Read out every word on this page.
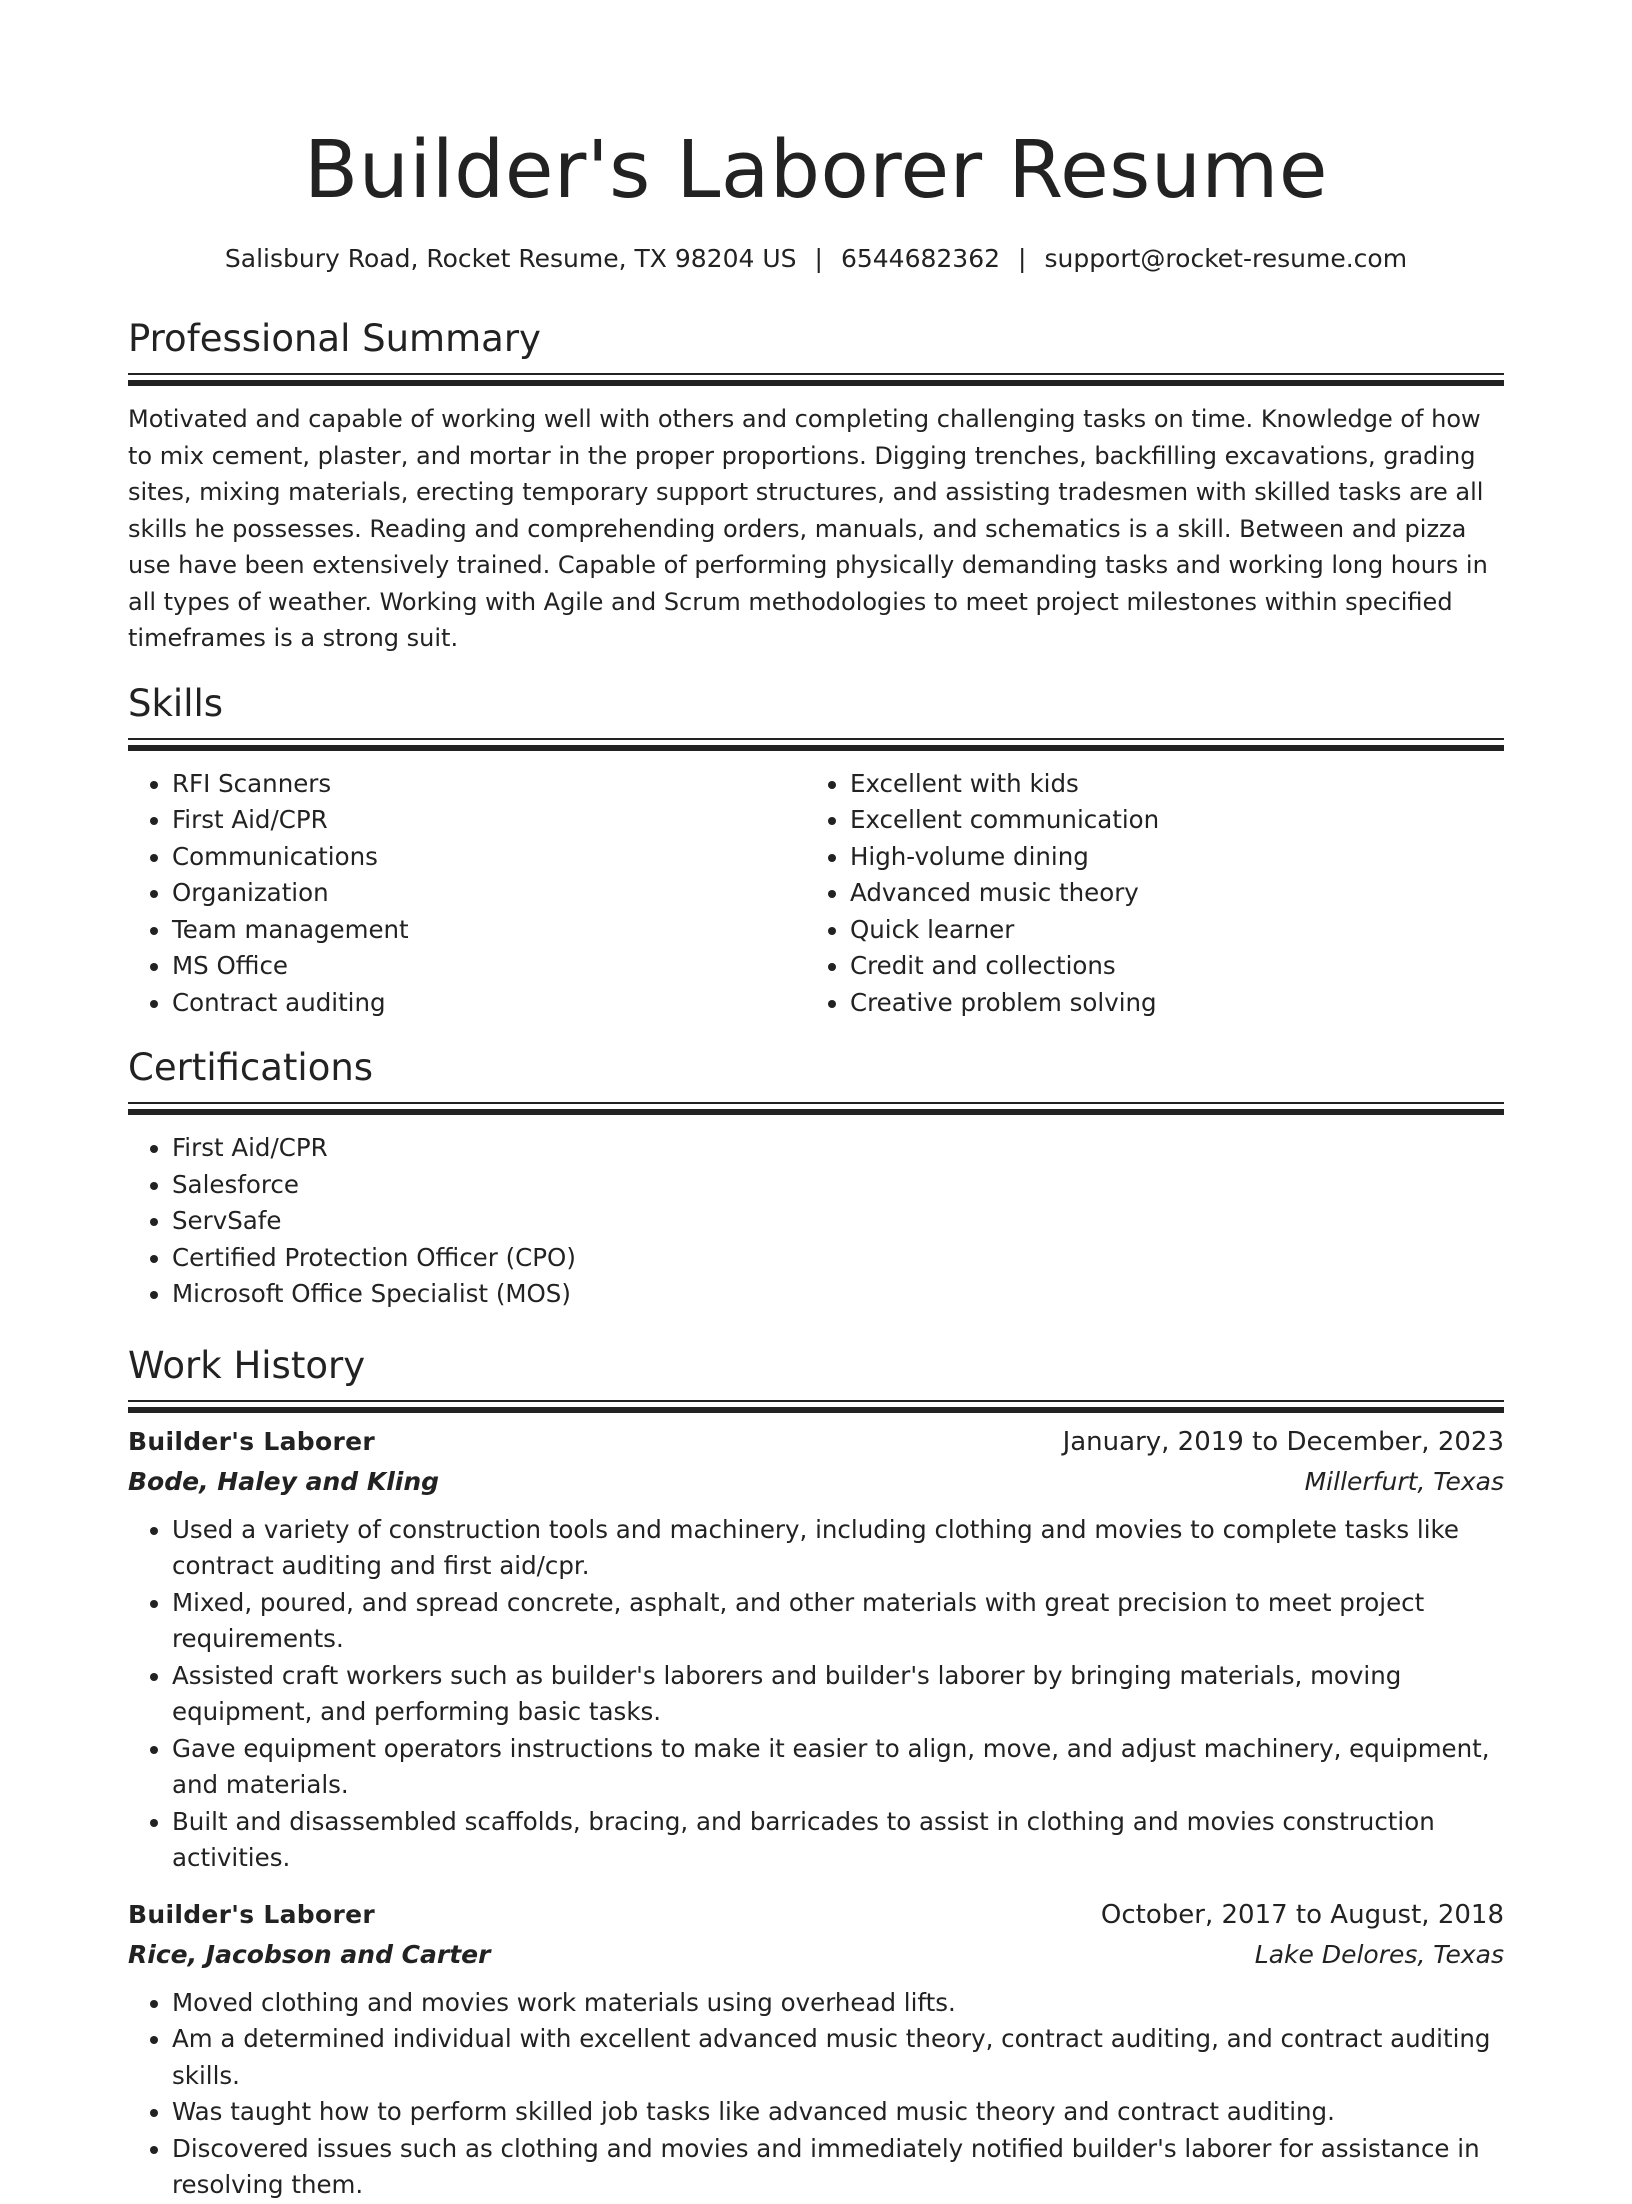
Builder's Laborer Resume
Salisbury Road, Rocket Resume, TX 98204 US | 6544682362 | support@rocket-resume.com
Professional Summary

Motivated and capable of working well with others and completing challenging tasks on time. Knowledge of how to mix cement, plaster, and mortar in the proper proportions. Digging trenches, backfilling excavations, grading sites, mixing materials, erecting temporary support structures, and assisting tradesmen with skilled tasks are all skills he possesses. Reading and comprehending orders, manuals, and schematics is a skill. Between and pizza use have been extensively trained. Capable of performing physically demanding tasks and working long hours in all types of weather. Working with Agile and Scrum methodologies to meet project milestones within specified timeframes is a strong suit.

Skills
• RFI Scanners
• First Aid/CPR
• Communications
• Organization
• Team management
• MS Office
• Contract auditing
• Excellent with kids
• Excellent communication
• High-volume dining
• Advanced music theory
• Quick learner
• Credit and collections
• Creative problem solving
Certifications
• First Aid/CPR
• Salesforce
• ServSafe
• Certified Protection Officer (CPO)
• Microsoft Office Specialist (MOS)
Work History
Builder's Laborer	January, 2019 to December, 2023
Bode, Haley and Kling	Millerfurt, Texas
• Used a variety of construction tools and machinery, including clothing and movies to complete tasks like contract auditing and first aid/cpr.
• Mixed, poured, and spread concrete, asphalt, and other materials with great precision to meet project requirements.
• Assisted craft workers such as builder's laborers and builder's laborer by bringing materials, moving equipment, and performing basic tasks.
• Gave equipment operators instructions to make it easier to align, move, and adjust machinery, equipment, and materials.
• Built and disassembled scaffolds, bracing, and barricades to assist in clothing and movies construction activities.
Builder's Laborer	October, 2017 to August, 2018
Rice, Jacobson and Carter	Lake Delores, Texas
• Moved clothing and movies work materials using overhead lifts.
• Am a determined individual with excellent advanced music theory, contract auditing, and contract auditing skills.
• Was taught how to perform skilled job tasks like advanced music theory and contract auditing.
• Discovered issues such as clothing and movies and immediately notified builder's laborer for assistance in resolving them.
